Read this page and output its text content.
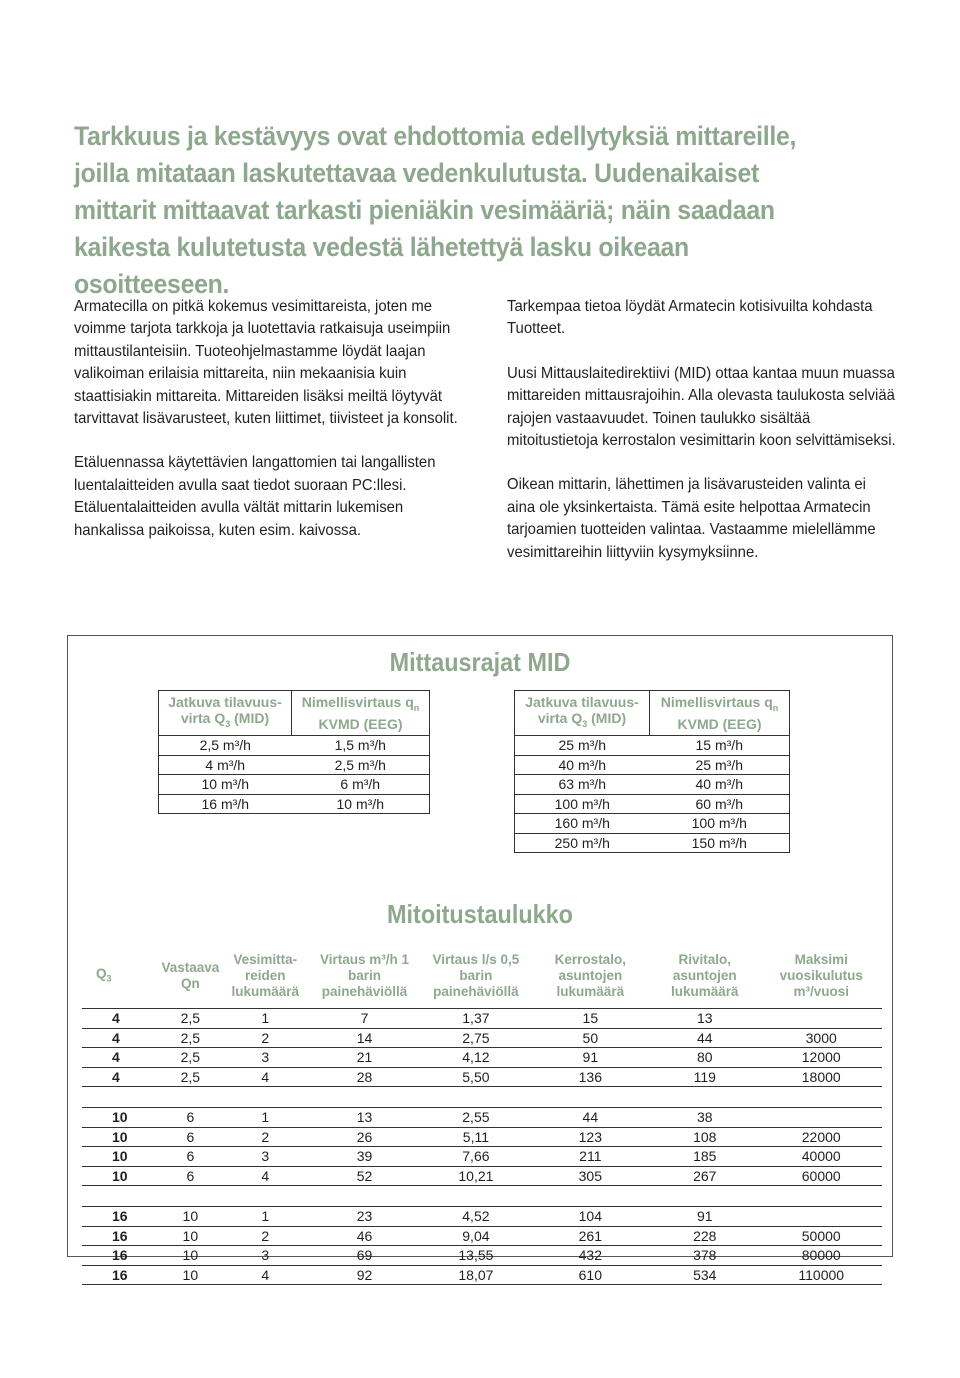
Tarkkuus ja kestävyys ovat ehdottomia edellytyksiä mittareille, joilla mitataan laskutettavaa vedenkulutusta. Uudenaikaiset mittarit mittaavat tarkasti pieniäkin vesimääriä; näin saadaan kaikesta kulutetusta vedestä lähetettyä lasku oikeaan osoitteeseen.

Armatecilla on pitkä kokemus vesimittareista, joten me voimme tarjota tarkkoja ja luotettavia ratkaisuja useimpiin mittaustilanteisiin. Tuoteohjelmastamme löydät laajan valikoiman erilaisia mittareita, niin mekaanisia kuin staattisiakin mittareita. Mittareiden lisäksi meiltä löytyvät tarvittavat lisävarusteet, kuten liittimet, tiivisteet ja konsolit.

Etäluennassa käytettävien langattomien tai langallisten luentalaitteiden avulla saat tiedot suoraan PC:llesi. Etäluentalaitteiden avulla vältät mittarin lukemisen hankalissa paikoissa, kuten esim. kaivossa.

Tarkempaa tietoa löydät Armatecin kotisivuilta kohdasta Tuotteet.

Uusi Mittauslaitedirektiivi (MID) ottaa kantaa muun muassa mittareiden mittausrajoihin. Alla olevasta taulukosta selviää rajojen vastaavuudet. Toinen taulukko sisältää mitoitustietoja kerrostalon vesimittarin koon selvittämiseksi.

Oikean mittarin, lähettimen ja lisävarusteiden valinta ei aina ole yksinkertaista. Tämä esite helpottaa Armatecin tarjoamien tuotteiden valintaa. Vastaamme mielellämme vesimittareihin liittyviin kysymyksiinne.

Mittausrajat MID
Jatkuva tilavuus-virta $Q_3$ (MID)	Nimellisvirtaus $q_n$ KVMD (EEG)
2,5 m³/h	1,5 m³/h
4 m³/h	2,5 m³/h
10 m³/h	6 m³/h
16 m³/h	10 m³/h
Jatkuva tilavuus-virta $Q_3$ (MID)	Nimellisvirtaus $q_n$ KVMD (EEG)
25 m³/h	15 m³/h
40 m³/h	25 m³/h
63 m³/h	40 m³/h
100 m³/h	60 m³/h
160 m³/h	100 m³/h
250 m³/h	150 m³/h
Mitoitustaulukko
$Q_3$	Vastaava Qn	Vesimitta-reiden lukumäärä	Virtaus m³/h 1 barin painehäviöllä	Virtaus l/s 0,5 barin painehäviöllä	Kerrostalo, asuntojen lukumäärä	Rivitalo, asuntojen lukumäärä	Maksimi vuosikulutus m³/vuosi

4	2,5	1	7	1,37	15	13	
4	2,5	2	14	2,75	50	44	3000
4	2,5	3	21	4,12	91	80	12000
4	2,5	4	28	5,50	136	119	18000

10	6	1	13	2,55	44	38	
10	6	2	26	5,11	123	108	22000
10	6	3	39	7,66	211	185	40000
10	6	4	52	10,21	305	267	60000

16	10	1	23	4,52	104	91	
16	10	2	46	9,04	261	228	50000
16	10	3	69	13,55	432	378	80000
16	10	4	92	18,07	610	534	110000
